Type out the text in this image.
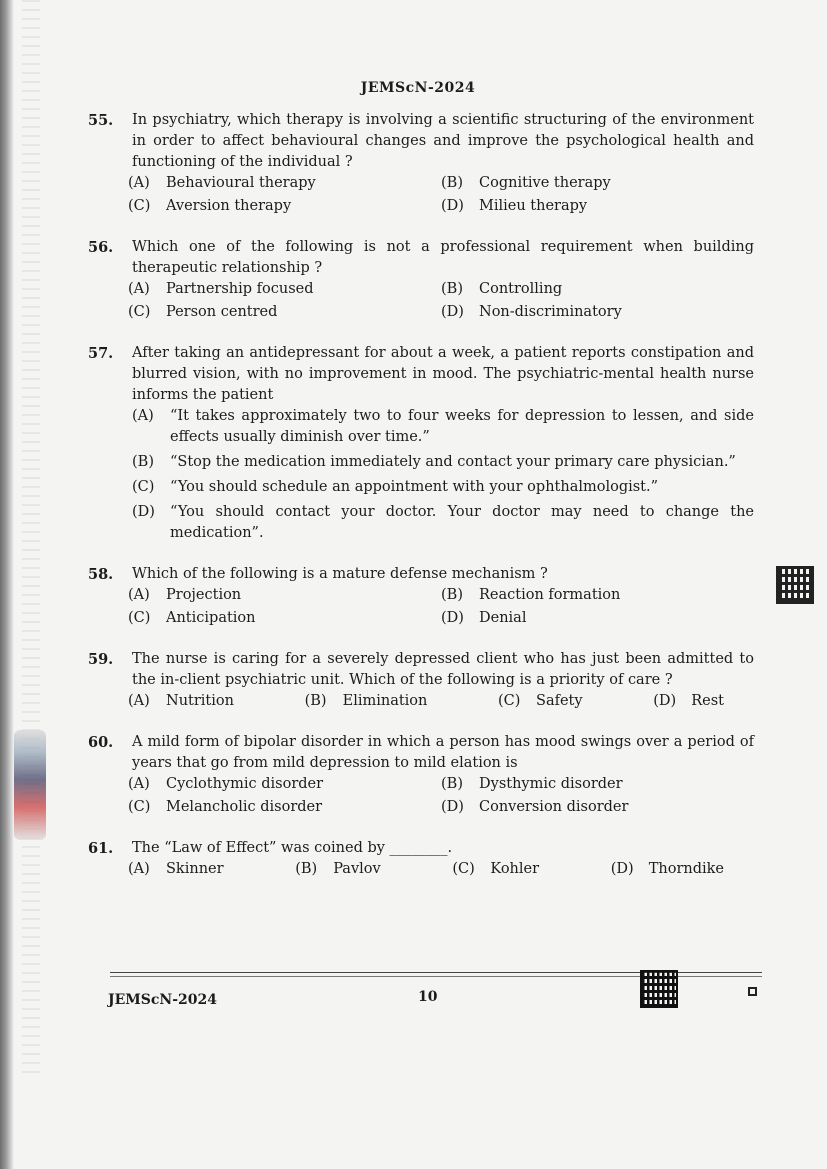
JEMScN-2024
55.	In psychiatry, which therapy is involving a scientific structuring of the environment in order to affect behavioural changes and improve the psychological health and functioning of the individual ?
(A) Behavioural therapy	(B) Cognitive therapy
(C) Aversion therapy	(D) Milieu therapy
56.	Which one of the following is not a professional requirement when building therapeutic relationship ?
(A) Partnership focused	(B) Controlling
(C) Person centred	(D) Non-discriminatory
57.	After taking an antidepressant for about a week, a patient reports constipation and blurred vision, with no improvement in mood. The psychiatric-mental health nurse informs the patient
(A)	“It takes approximately two to four weeks for depression to lessen, and side effects usually diminish over time.”
(B)	“Stop the medication immediately and contact your primary care physician.”
(C)	“You should schedule an appointment with your ophthalmologist.”
(D)	“You should contact your doctor. Your doctor may need to change the medication”.
58.	Which of the following is a mature defense mechanism ?
(A) Projection	(B) Reaction formation
(C) Anticipation	(D) Denial
59.	The nurse is caring for a severely depressed client who has just been admitted to the in-client psychiatric unit. Which of the following is a priority of care ?
(A) Nutrition	(B) Elimination	(C) Safety	(D) Rest
60.	A mild form of bipolar disorder in which a person has mood swings over a period of years that go from mild depression to mild elation is
(A) Cyclothymic disorder	(B) Dysthymic disorder
(C) Melancholic disorder	(D) Conversion disorder
61.	The “Law of Effect” was coined by ________.
(A) Skinner	(B) Pavlov	(C) Kohler	(D) Thorndike
JEMScN-2024	10
